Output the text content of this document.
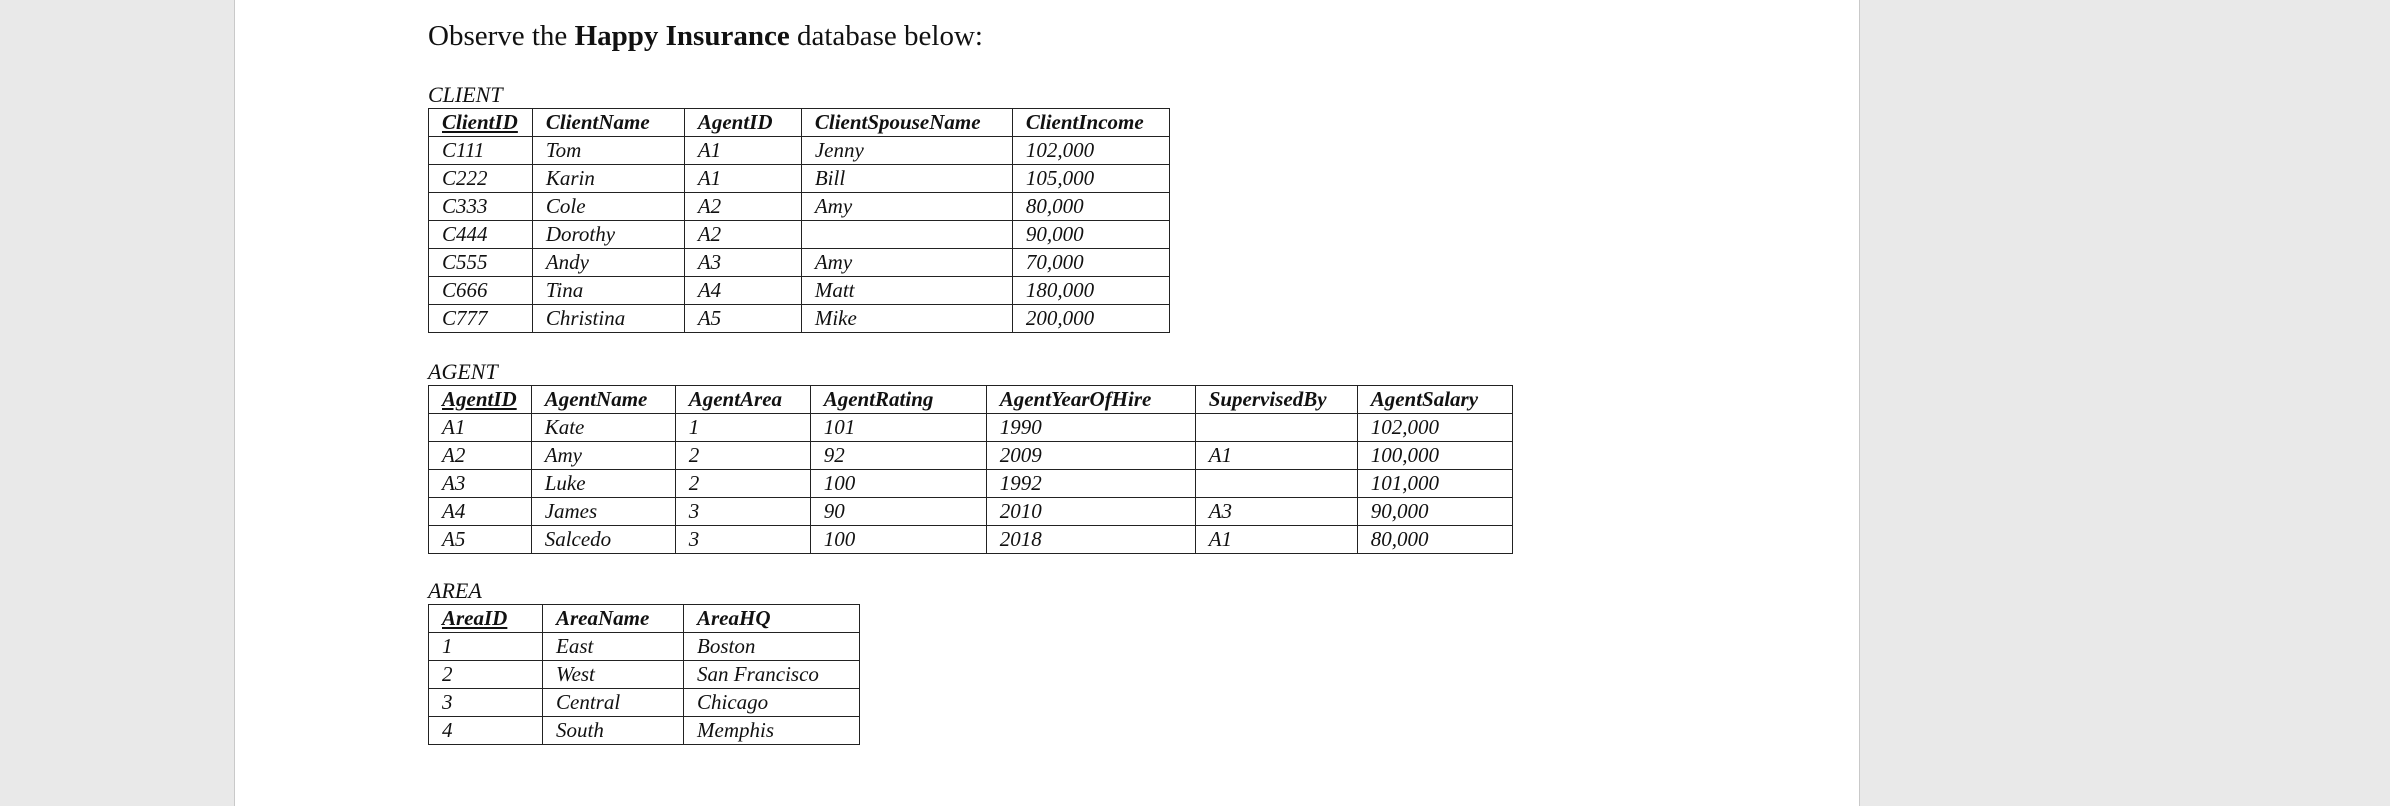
Observe the Happy Insurance database below:
CLIENT
ClientID	ClientName	AgentID	ClientSpouseName	ClientIncome
C111	Tom	A1	Jenny	102,000
C222	Karin	A1	Bill	105,000
C333	Cole	A2	Amy	80,000
C444	Dorothy	A2		90,000
C555	Andy	A3	Amy	70,000
C666	Tina	A4	Matt	180,000
C777	Christina	A5	Mike	200,000
AGENT
AgentID	AgentName	AgentArea	AgentRating	AgentYearOfHire	SupervisedBy	AgentSalary
A1	Kate	1	101	1990		102,000
A2	Amy	2	92	2009	A1	100,000
A3	Luke	2	100	1992		101,000
A4	James	3	90	2010	A3	90,000
A5	Salcedo	3	100	2018	A1	80,000
AREA
AreaID	AreaName	AreaHQ
1	East	Boston
2	West	San Francisco
3	Central	Chicago
4	South	Memphis
